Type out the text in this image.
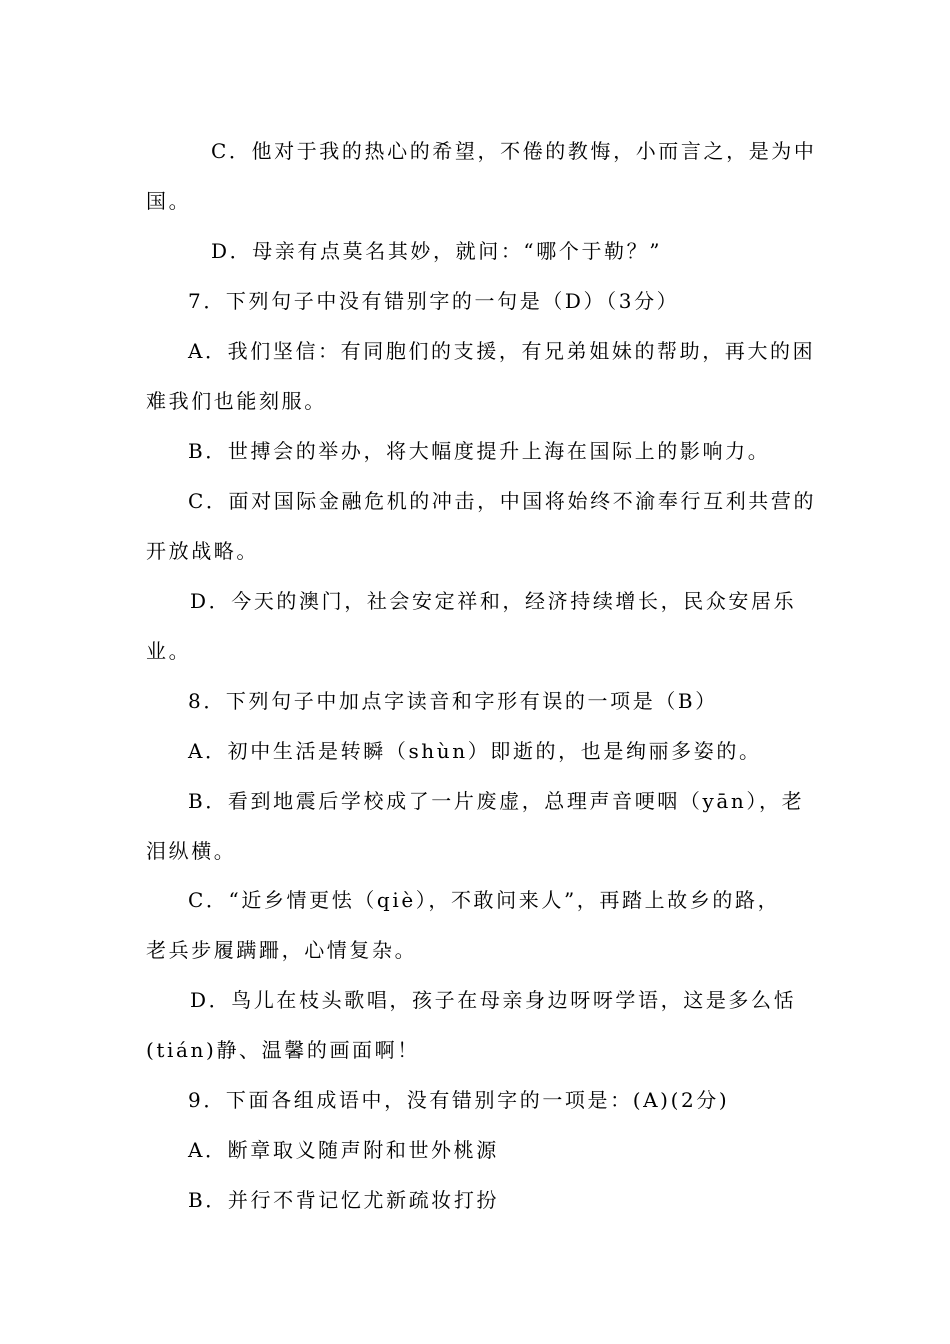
C．他对于我的热心的希望，不倦的教悔，小而言之，是为中

国。

D．母亲有点莫名其妙，就问：“哪个于勒？”

7．下列句子中没有错别字的一句是（D）（3分）

A．我们坚信：有同胞们的支援，有兄弟姐妹的帮助，再大的困

难我们也能刻服。

B．世搏会的举办，将大幅度提升上海在国际上的影响力。

C．面对国际金融危机的冲击，中国将始终不渝奉行互利共营的

开放战略。

D．今天的澳门，社会安定祥和，经济持续增长，民众安居乐

业。

8．下列句子中加点字读音和字形有误的一项是（B）

A．初中生活是转瞬（shùn）即逝的，也是绚丽多姿的。

B．看到地震后学校成了一片废虚，总理声音哽咽（yān），老

泪纵横。

C．“近乡情更怯（qiè），不敢问来人”，再踏上故乡的路，

老兵步履蹒跚，心情复杂。

D．鸟儿在枝头歌唱，孩子在母亲身边呀呀学语，这是多么恬

(tián)静、温馨的画面啊！

9．下面各组成语中，没有错别字的一项是：(A)(2分)

A．断章取义随声附和世外桃源

B．并行不背记忆尤新疏妆打扮
